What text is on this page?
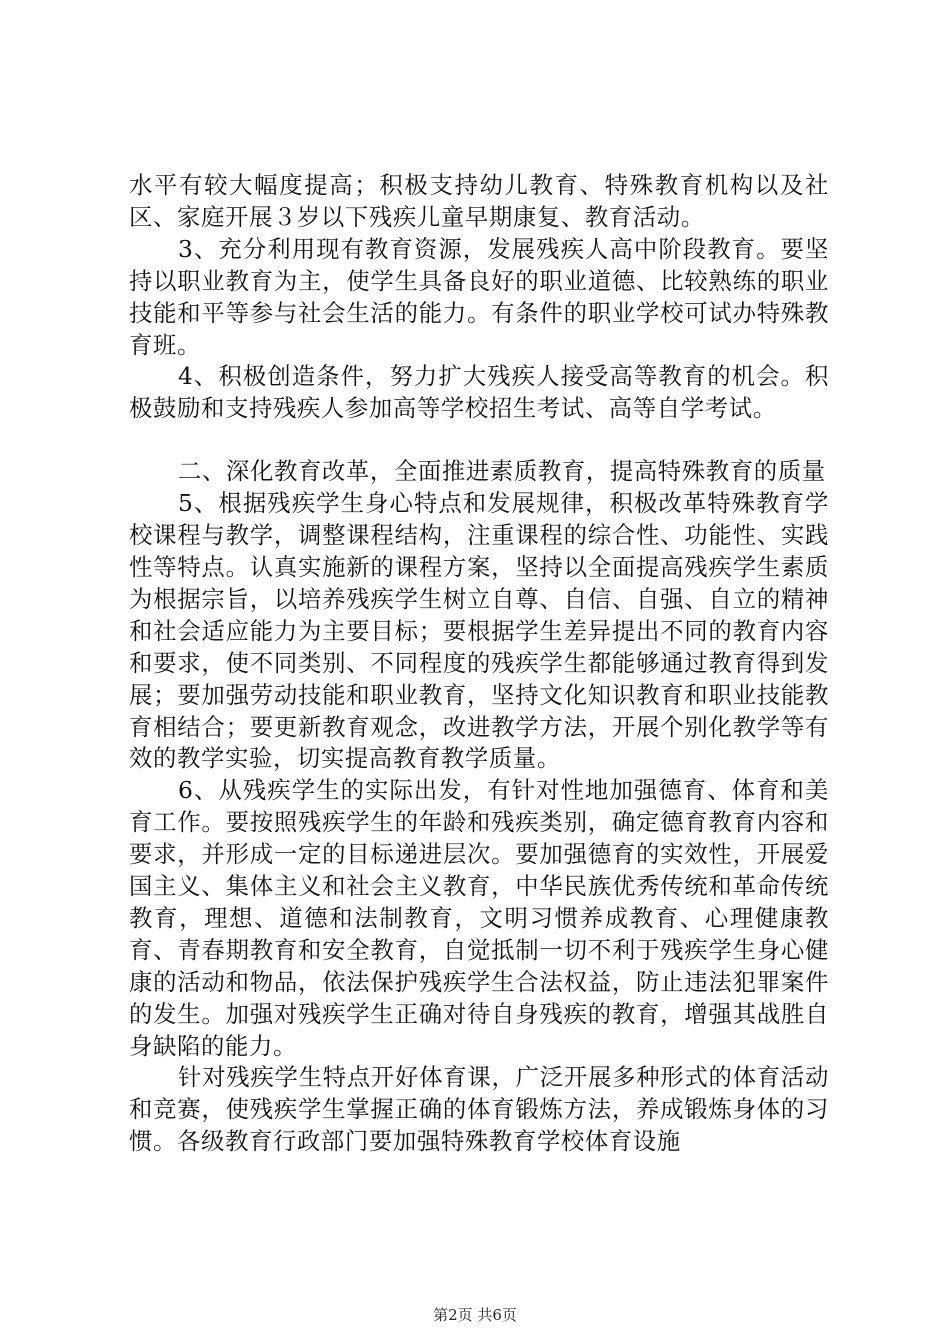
水平有较大幅度提高；积极支持幼儿教育、特殊教育机构以及社区、家庭开展３岁以下残疾儿童早期康复、教育活动。

3、充分利用现有教育资源，发展残疾人高中阶段教育。要坚持以职业教育为主，使学生具备良好的职业道德、比较熟练的职业技能和平等参与社会生活的能力。有条件的职业学校可试办特殊教育班。

4、积极创造条件，努力扩大残疾人接受高等教育的机会。积极鼓励和支持残疾人参加高等学校招生考试、高等自学考试。

二、深化教育改革，全面推进素质教育，提高特殊教育的质量

5、根据残疾学生身心特点和发展规律，积极改革特殊教育学校课程与教学，调整课程结构，注重课程的综合性、功能性、实践性等特点。认真实施新的课程方案，坚持以全面提高残疾学生素质为根据宗旨，以培养残疾学生树立自尊、自信、自强、自立的精神和社会适应能力为主要目标；要根据学生差异提出不同的教育内容和要求，使不同类别、不同程度的残疾学生都能够通过教育得到发展；要加强劳动技能和职业教育，坚持文化知识教育和职业技能教育相结合；要更新教育观念，改进教学方法，开展个别化教学等有效的教学实验，切实提高教育教学质量。

6、从残疾学生的实际出发，有针对性地加强德育、体育和美育工作。要按照残疾学生的年龄和残疾类别，确定德育教育内容和要求，并形成一定的目标递进层次。要加强德育的实效性，开展爱国主义、集体主义和社会主义教育，中华民族优秀传统和革命传统教育，理想、道德和法制教育，文明习惯养成教育、心理健康教育、青春期教育和安全教育，自觉抵制一切不利于残疾学生身心健康的活动和物品，依法保护残疾学生合法权益，防止违法犯罪案件的发生。加强对残疾学生正确对待自身残疾的教育，增强其战胜自身缺陷的能力。

针对残疾学生特点开好体育课，广泛开展多种形式的体育活动和竞赛，使残疾学生掌握正确的体育锻炼方法，养成锻炼身体的习惯。各级教育行政部门要加强特殊教育学校体育设施

第2页 共6页
